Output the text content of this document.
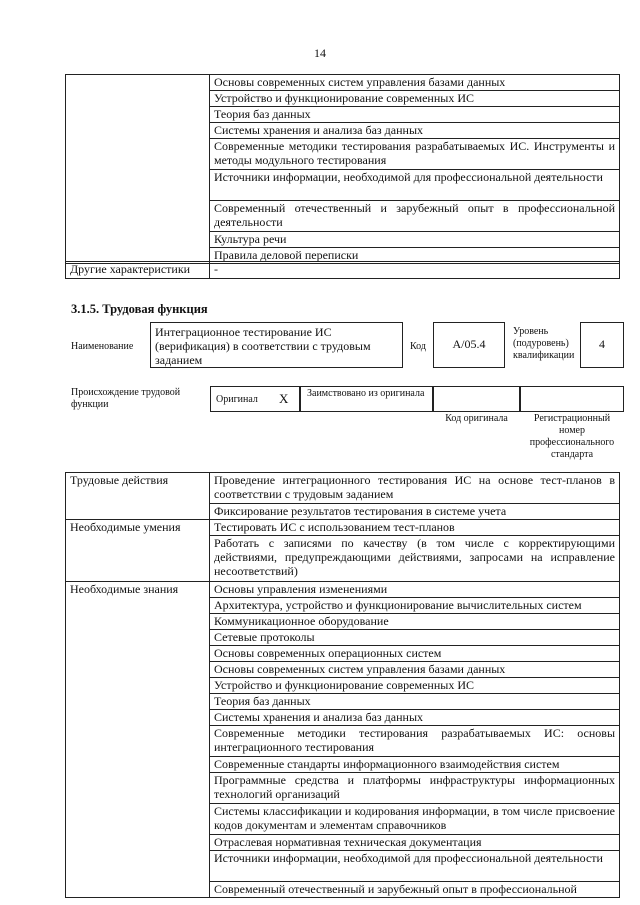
14
	Основы современных систем управления базами данных
Устройство и функционирование современных ИС
Теория баз данных
Системы хранения и анализа баз данных
Современные методики тестирования разрабатываемых ИС. Инструменты и методы модульного тестирования
Источники информации, необходимой для профессиональной деятельности
Современный отечественный и зарубежный опыт в профессиональной деятельности
Культура речи
Правила деловой переписки
Другие характеристики	-
3.1.5. Трудовая функция
Наименование
Интеграционное тестирование ИС (верификация) в соответствии с трудовым заданием
Код	A/05.4
Уровень (подуровень) квалификации
4
Происхождение трудовой функции	Оригинал X Заимствовано из оригинала
Код оригинала	Регистрационный номер профессионального стандарта
Трудовые действия	Проведение интеграционного тестирования ИС на основе тест-планов в соответствии с трудовым заданием
	Фиксирование результатов тестирования в системе учета
Необходимые умения	Тестировать ИС с использованием тест-планов
	Работать с записями по качеству (в том числе с корректирующими действиями, предупреждающими действиями, запросами на исправление несоответствий)
Необходимые знания	Основы управления изменениями
	Архитектура, устройство и функционирование вычислительных систем
	Коммуникационное оборудование
	Сетевые протоколы
	Основы современных операционных систем
	Основы современных систем управления базами данных
	Устройство и функционирование современных ИС
	Теория баз данных
	Системы хранения и анализа баз данных
	Современные методики тестирования разрабатываемых ИС: основы интеграционного тестирования
	Современные стандарты информационного взаимодействия систем
	Программные средства и платформы инфраструктуры информационных технологий организаций
	Системы классификации и кодирования информации, в том числе присвоение кодов документам и элементам справочников
	Отраслевая нормативная техническая документация
	Источники информации, необходимой для профессиональной деятельности
	Современный отечественный и зарубежный опыт в профессиональной
